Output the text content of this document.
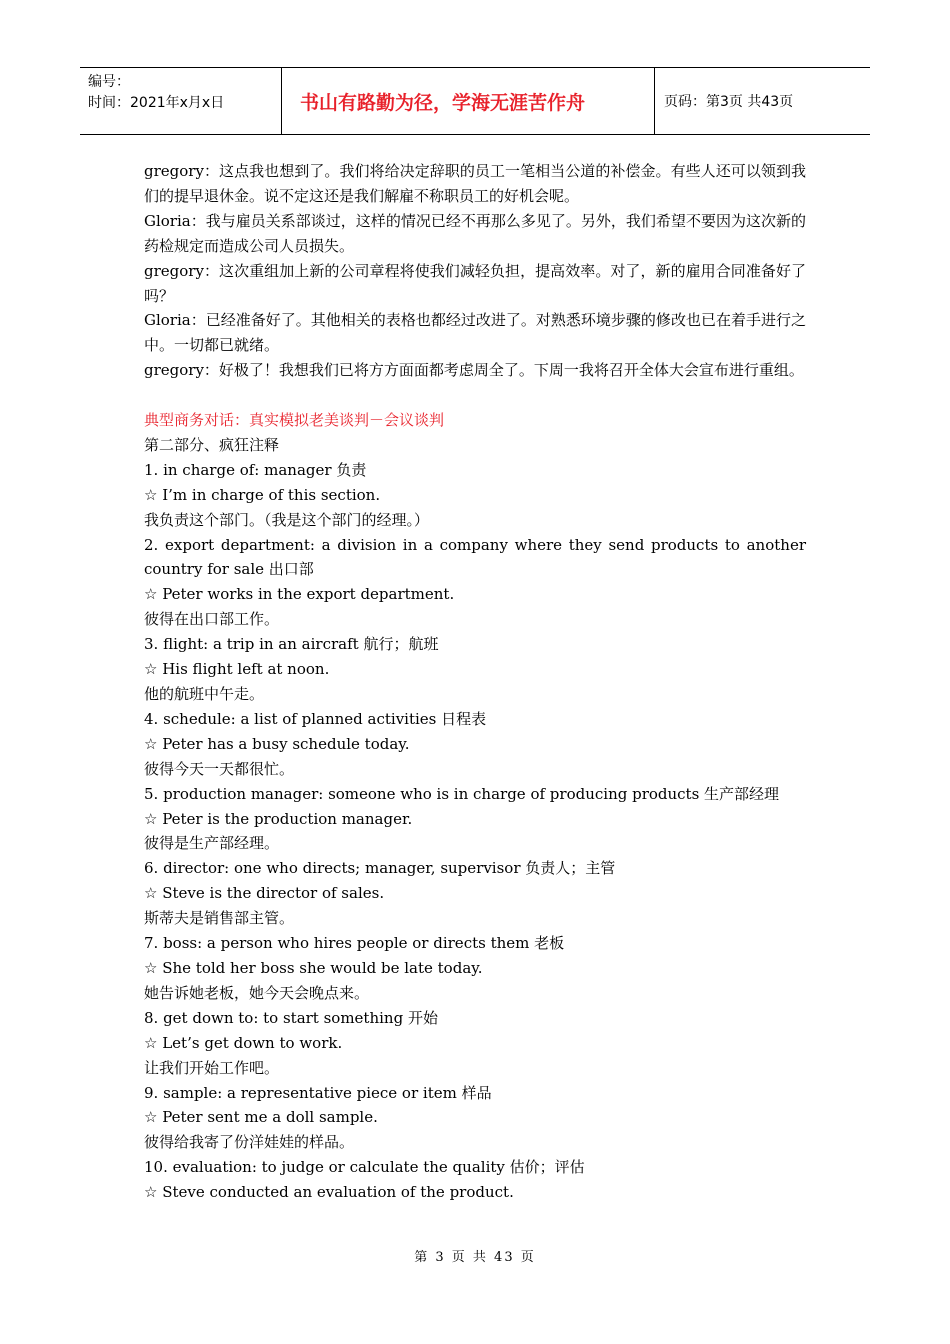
编号：
时间：2021年x月x日	书山有路勤为径，学海无涯苦作舟	页码：第3页 共43页

gregory：这点我也想到了。我们将给决定辞职的员工一笔相当公道的补偿金。有些人还可以领到我们的提早退休金。说不定这还是我们解雇不称职员工的好机会呢。

Gloria：我与雇员关系部谈过，这样的情况已经不再那么多见了。另外，我们希望不要因为这次新的药检规定而造成公司人员损失。

gregory：这次重组加上新的公司章程将使我们减轻负担，提高效率。对了，新的雇用合同准备好了吗？

Gloria：已经准备好了。其他相关的表格也都经过改进了。对熟悉环境步骤的修改也已在着手进行之中。一切都已就绪。

gregory：好极了！我想我们已将方方面面都考虑周全了。下周一我将召开全体大会宣布进行重组。

典型商务对话：真实模拟老美谈判－会议谈判

第二部分、疯狂注释

1. in charge of: manager 负责

☆ I’m in charge of this section.

我负责这个部门。（我是这个部门的经理。）

2. export department: a division in a company where they send products to another country for sale 出口部

☆ Peter works in the export department.

彼得在出口部工作。

3. flight: a trip in an aircraft 航行；航班

☆ His flight left at noon.

他的航班中午走。

4. schedule: a list of planned activities 日程表

☆ Peter has a busy schedule today.

彼得今天一天都很忙。

5. production manager: someone who is in charge of producing products 生产部经理

☆ Peter is the production manager.

彼得是生产部经理。

6. director: one who directs; manager, supervisor 负责人；主管

☆ Steve is the director of sales.

斯蒂夫是销售部主管。

7. boss: a person who hires people or directs them 老板

☆ She told her boss she would be late today.

她告诉她老板，她今天会晚点来。

8. get down to: to start something 开始

☆ Let’s get down to work.

让我们开始工作吧。

9. sample: a representative piece or item 样品

☆ Peter sent me a doll sample.

彼得给我寄了份洋娃娃的样品。

10. evaluation: to judge or calculate the quality 估价；评估

☆ Steve conducted an evaluation of the product.

第 3 页 共 43 页
